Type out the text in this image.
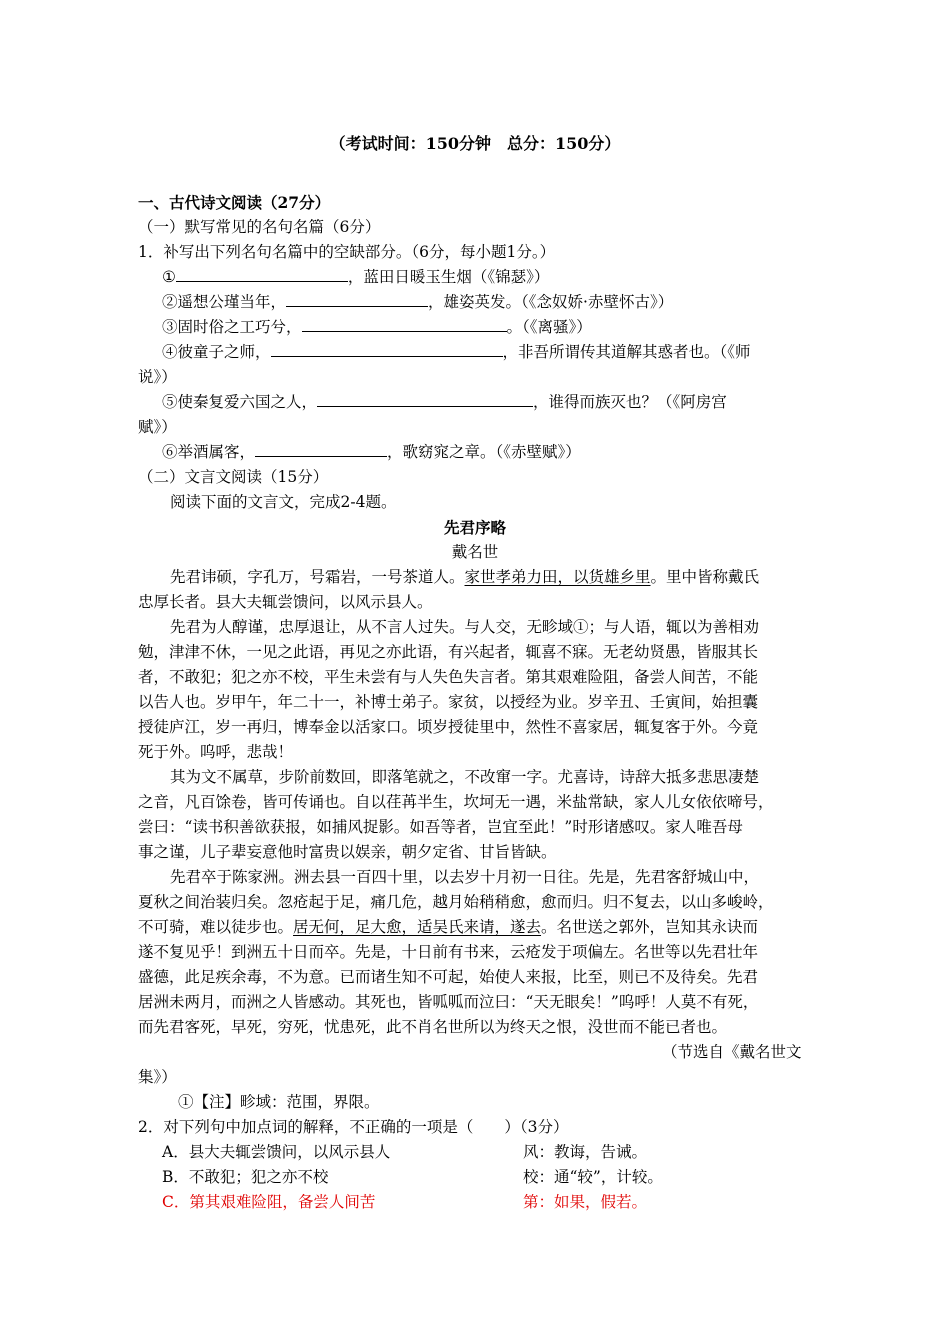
（考试时间：150分钟　总分：150分）
一、古代诗文阅读（27分）
（一）默写常见的名句名篇（6分）
1．补写出下列名句名篇中的空缺部分。（6分，每小题1分。）
①	，蓝田日暖玉生烟（《锦瑟》）
②遥想公瑾当年，	，雄姿英发。（《念奴娇·赤壁怀古》）
③固时俗之工巧兮，	。（《离骚》）
④彼童子之师，	，非吾所谓传其道解其惑者也。（《师
说》）
⑤使秦复爱六国之人，	，谁得而族灭也？（《阿房宫
赋》）
⑥举酒属客，	，歌窈窕之章。（《赤壁赋》）
（二）文言文阅读（15分）
阅读下面的文言文，完成2-4题。
先君序略
戴名世
先君讳硕，字孔万，号霜岩，一号茶道人。家世孝弟力田，以货雄乡里。里中皆称戴氏
忠厚长者。县大夫辄尝馈问，以风示县人。
先君为人醇谨，忠厚退让，从不言人过失。与人交，无畛域①；与人语，辄以为善相劝
勉，津津不休，一见之此语，再见之亦此语，有兴起者，辄喜不寐。无老幼贤愚，皆服其长
者，不敢犯；犯之亦不校，平生未尝有与人失色失言者。第其艰难险阻，备尝人间苦，不能
以告人也。岁甲午，年二十一，补博士弟子。家贫，以授经为业。岁辛丑、壬寅间，始担囊
授徒庐江，岁一再归，博奉金以活家口。顷岁授徒里中，然性不喜家居，辄复客于外。今竟
死于外。呜呼，悲哉！
其为文不属草，步阶前数回，即落笔就之，不改窜一字。尤喜诗，诗辞大抵多悲思凄楚
之音，凡百馀卷，皆可传诵也。自以荏苒半生，坎坷无一遇，米盐常缺，家人儿女依依啼号，
尝曰：“读书积善欲获报，如捕风捉影。如吾等者，岂宜至此！”时形诸感叹。家人唯吾母
事之谨，儿子辈妄意他时富贵以娱亲，朝夕定省、甘旨皆缺。
先君卒于陈家洲。洲去县一百四十里，以去岁十月初一日往。先是，先君客舒城山中，
夏秋之间治装归矣。忽疮起于足，痛几危，越月始稍稍愈，愈而归。归不复去，以山多峻岭，
不可骑，难以徒步也。居无何，足大愈，适吴氏来请，遂去。名世送之郭外，岂知其永诀而
遂不复见乎！到洲五十日而卒。先是，十日前有书来，云疮发于项偏左。名世等以先君壮年
盛德，此足疾余毒，不为意。已而诸生知不可起，始使人来报，比至，则已不及待矣。先君
居洲未两月，而洲之人皆感动。其死也，皆呱呱而泣曰：“天无眼矣！”呜呼！人莫不有死，
而先君客死，早死，穷死，忧患死，此不肖名世所以为终天之恨，没世而不能已者也。
（节选自《戴名世文
集》）
①【注】畛域：范围，界限。
2．对下列句中加点词的解释，不正确的一项是（　　）（3分）
A．县大夫辄尝馈问，以风示县人	风：教诲，告诫。
B．不敢犯；犯之亦不校	校：通“较”，计较。
C．第其艰难险阻，备尝人间苦	第：如果，假若。
